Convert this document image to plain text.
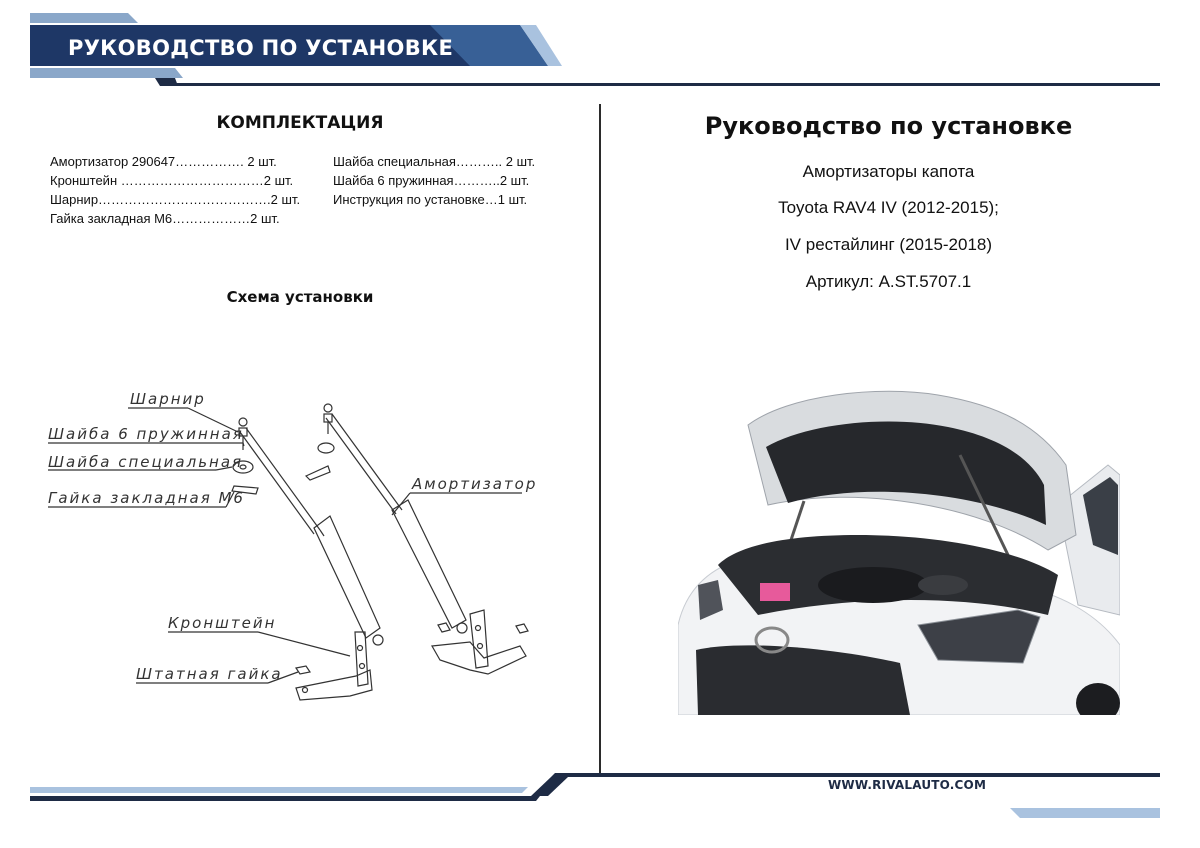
РУКОВОДСТВО ПО УСТАНОВКЕ
КОМПЛЕКТАЦИЯ
Амортизатор 290647……………. 2 шт.
Кронштейн ……………………………2 шт.
Шарнир………………………………….2 шт.
Гайка закладная М6………………2 шт.
Шайба специальная……….. 2 шт.
Шайба 6 пружинная………..2 шт.
Инструкция по установке…1 шт.
Схема установки
Шарнир
Шайба 6 пружинная
Шайба специальная
Гайка закладная М6
Амортизатор
Кронштейн
Штатная гайка
Руководство по установке
Амортизаторы капота
Toyota RAV4 IV (2012-2015);
IV рестайлинг (2015-2018)
Артикул: A.ST.5707.1
WWW.RIVALAUTO.COM
